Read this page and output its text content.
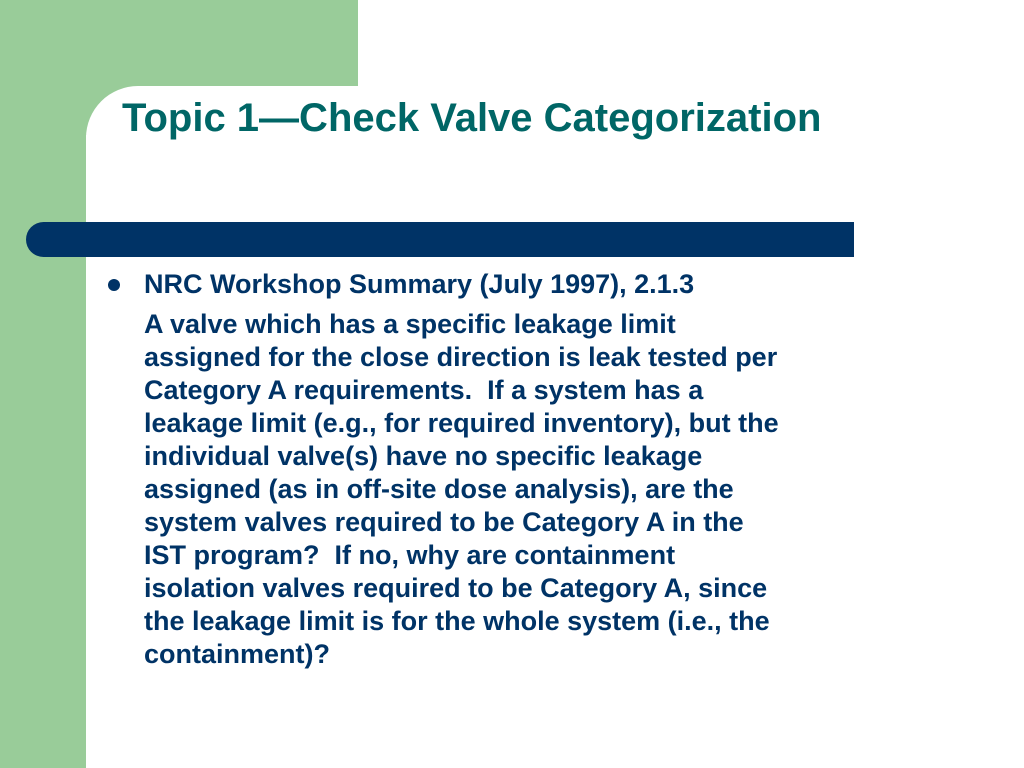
Topic 1—Check Valve Categorization
NRC Workshop Summary (July 1997), 2.1.3
A valve which has a specific leakage limit
assigned for the close direction is leak tested per
Category A requirements.  If a system has a
leakage limit (e.g., for required inventory), but the
individual valve(s) have no specific leakage
assigned (as in off-site dose analysis), are the
system valves required to be Category A in the
IST program?  If no, why are containment
isolation valves required to be Category A, since
the leakage limit is for the whole system (i.e., the
containment)?
